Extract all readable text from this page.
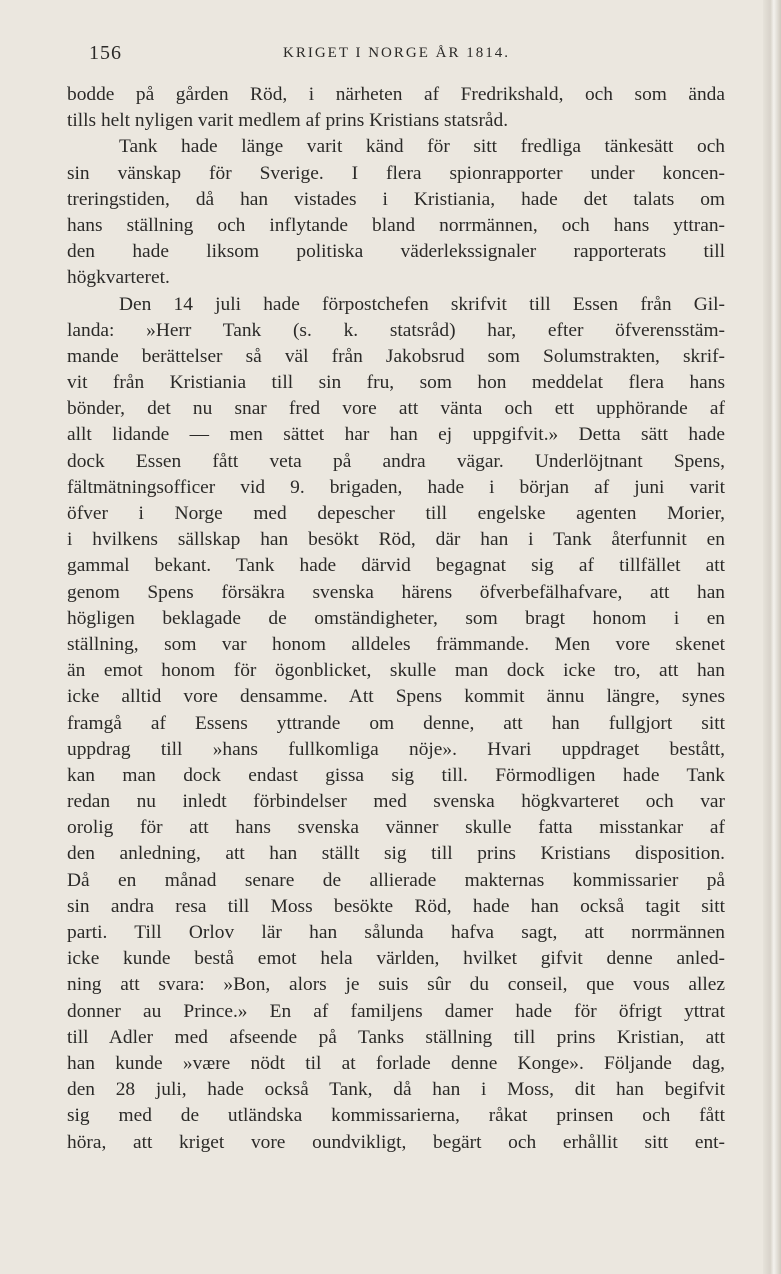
156	KRIGET I NORGE ÅR 1814.
bodde på gården Röd, i närheten af Fredrikshald, och som ända
tills helt nyligen varit medlem af prins Kristians statsråd.
Tank hade länge varit känd för sitt fredliga tänkesätt och
sin vänskap för Sverige. I flera spionrapporter under koncen-
treringstiden, då han vistades i Kristiania, hade det talats om
hans ställning och inflytande bland norrmännen, och hans yttran-
den hade liksom politiska väderlekssignaler rapporterats till
högkvarteret.
Den 14 juli hade förpostchefen skrifvit till Essen från Gil-
landa: »Herr Tank (s. k. statsråd) har, efter öfverensstäm-
mande berättelser så väl från Jakobsrud som Solumstrakten, skrif-
vit från Kristiania till sin fru, som hon meddelat flera hans
bönder, det nu snar fred vore att vänta och ett upphörande af
allt lidande — men sättet har han ej uppgifvit.» Detta sätt hade
dock Essen fått veta på andra vägar. Underlöjtnant Spens,
fältmätningsofficer vid 9. brigaden, hade i början af juni varit
öfver i Norge med depescher till engelske agenten Morier,
i hvilkens sällskap han besökt Röd, där han i Tank återfunnit en
gammal bekant. Tank hade därvid begagnat sig af tillfället att
genom Spens försäkra svenska härens öfverbefälhafvare, att han
högligen beklagade de omständigheter, som bragt honom i en
ställning, som var honom alldeles främmande. Men vore skenet
än emot honom för ögonblicket, skulle man dock icke tro, att han
icke alltid vore densamme. Att Spens kommit ännu längre, synes
framgå af Essens yttrande om denne, att han fullgjort sitt
uppdrag till »hans fullkomliga nöje». Hvari uppdraget bestått,
kan man dock endast gissa sig till. Förmodligen hade Tank
redan nu inledt förbindelser med svenska högkvarteret och var
orolig för att hans svenska vänner skulle fatta misstankar af
den anledning, att han ställt sig till prins Kristians disposition.
Då en månad senare de allierade makternas kommissarier på
sin andra resa till Moss besökte Röd, hade han också tagit sitt
parti. Till Orlov lär han sålunda hafva sagt, att norrmännen
icke kunde bestå emot hela världen, hvilket gifvit denne anled-
ning att svara: »Bon, alors je suis sûr du conseil, que vous allez
donner au Prince.» En af familjens damer hade för öfrigt yttrat
till Adler med afseende på Tanks ställning till prins Kristian, att
han kunde »være nödt til at forlade denne Konge». Följande dag,
den 28 juli, hade också Tank, då han i Moss, dit han begifvit
sig med de utländska kommissarierna, råkat prinsen och fått
höra, att kriget vore oundvikligt, begärt och erhållit sitt ent-
